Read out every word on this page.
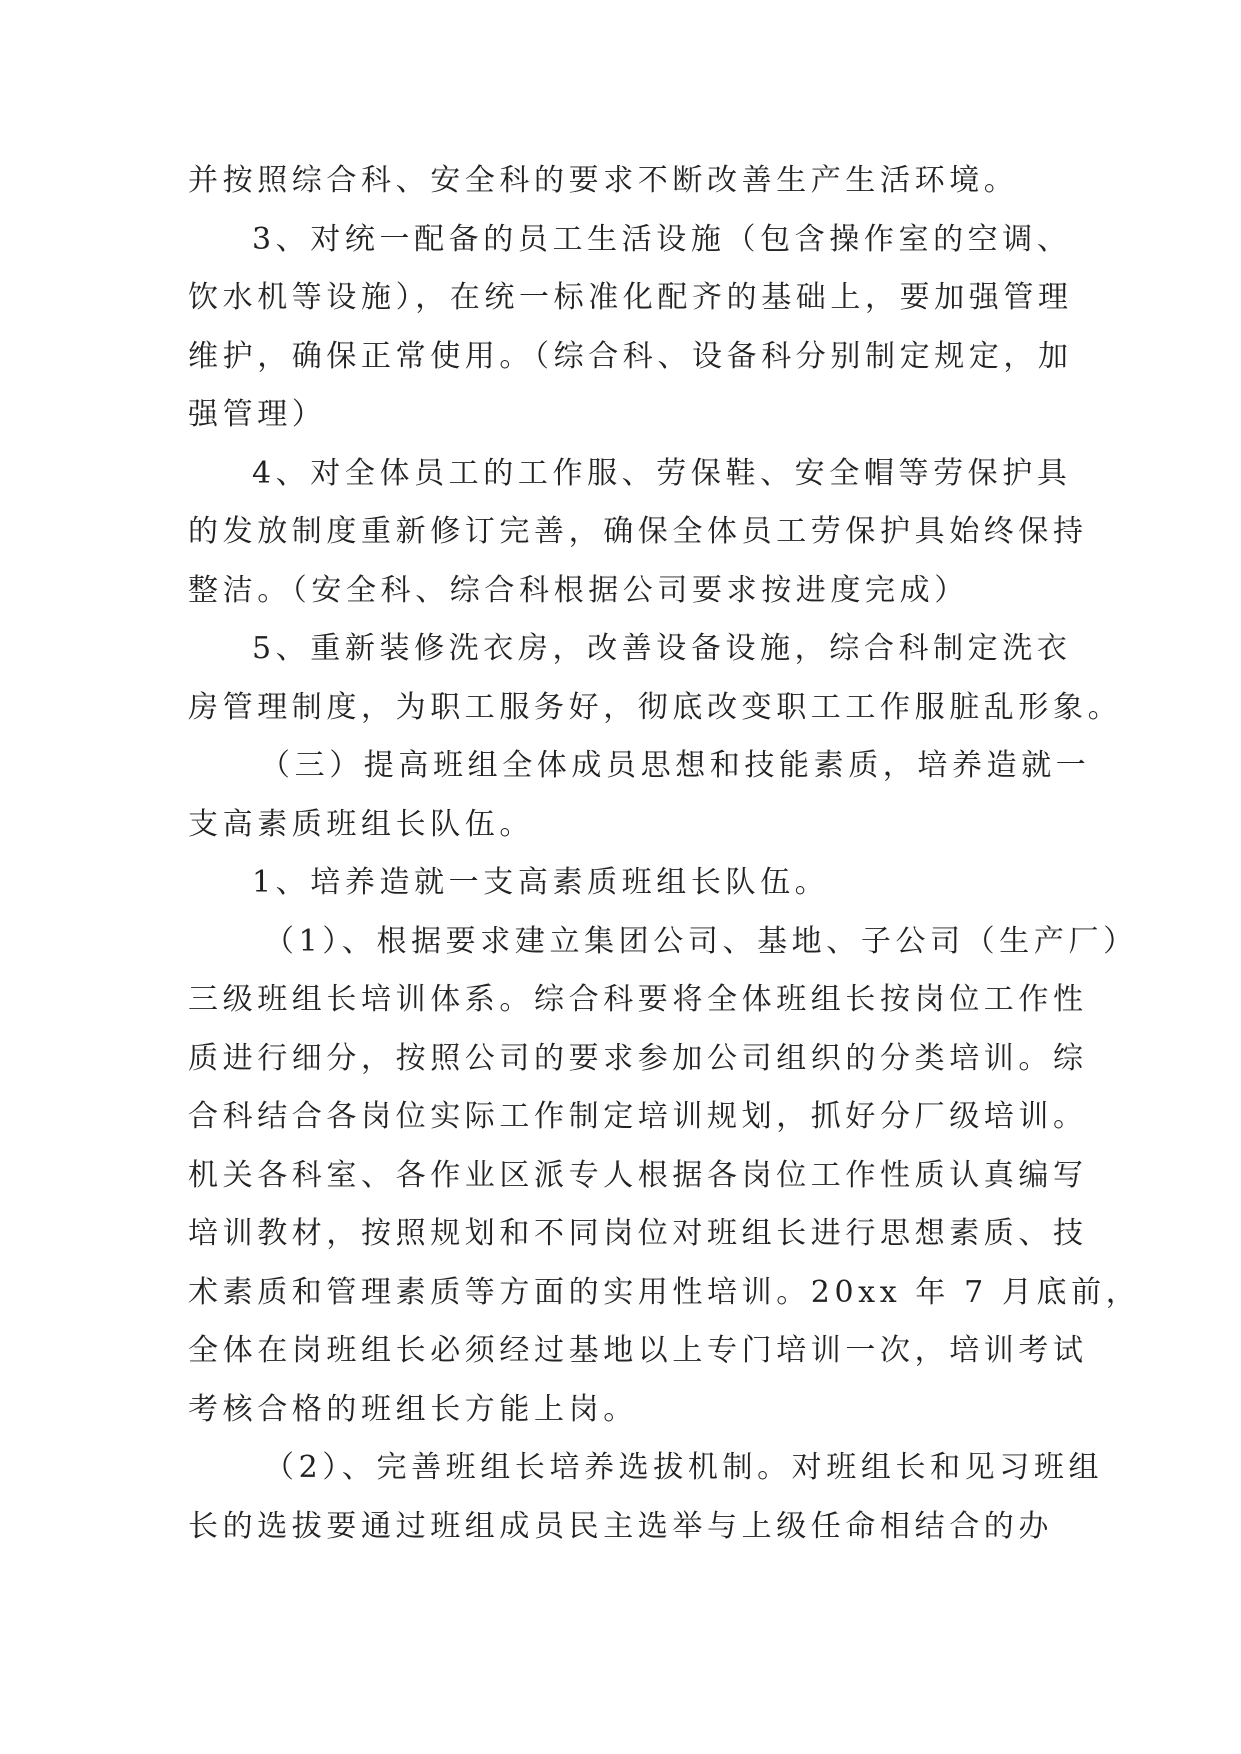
并按照综合科、安全科的要求不断改善生产生活环境。

3、对统一配备的员工生活设施（包含操作室的空调、

饮水机等设施），在统一标准化配齐的基础上，要加强管理

维护，确保正常使用。（综合科、设备科分别制定规定，加

强管理）

4、对全体员工的工作服、劳保鞋、安全帽等劳保护具

的发放制度重新修订完善，确保全体员工劳保护具始终保持

整洁。（安全科、综合科根据公司要求按进度完成）

5、重新装修洗衣房，改善设备设施，综合科制定洗衣

房管理制度，为职工服务好，彻底改变职工工作服脏乱形象。

（三）提高班组全体成员思想和技能素质，培养造就一

支高素质班组长队伍。

1、培养造就一支高素质班组长队伍。

（1）、根据要求建立集团公司、基地、子公司（生产厂）

三级班组长培训体系。综合科要将全体班组长按岗位工作性

质进行细分，按照公司的要求参加公司组织的分类培训。综

合科结合各岗位实际工作制定培训规划，抓好分厂级培训。

机关各科室、各作业区派专人根据各岗位工作性质认真编写

培训教材，按照规划和不同岗位对班组长进行思想素质、技

术素质和管理素质等方面的实用性培训。20xx 年 7 月底前，

全体在岗班组长必须经过基地以上专门培训一次，培训考试

考核合格的班组长方能上岗。

（2）、完善班组长培养选拔机制。对班组长和见习班组

长的选拔要通过班组成员民主选举与上级任命相结合的办
